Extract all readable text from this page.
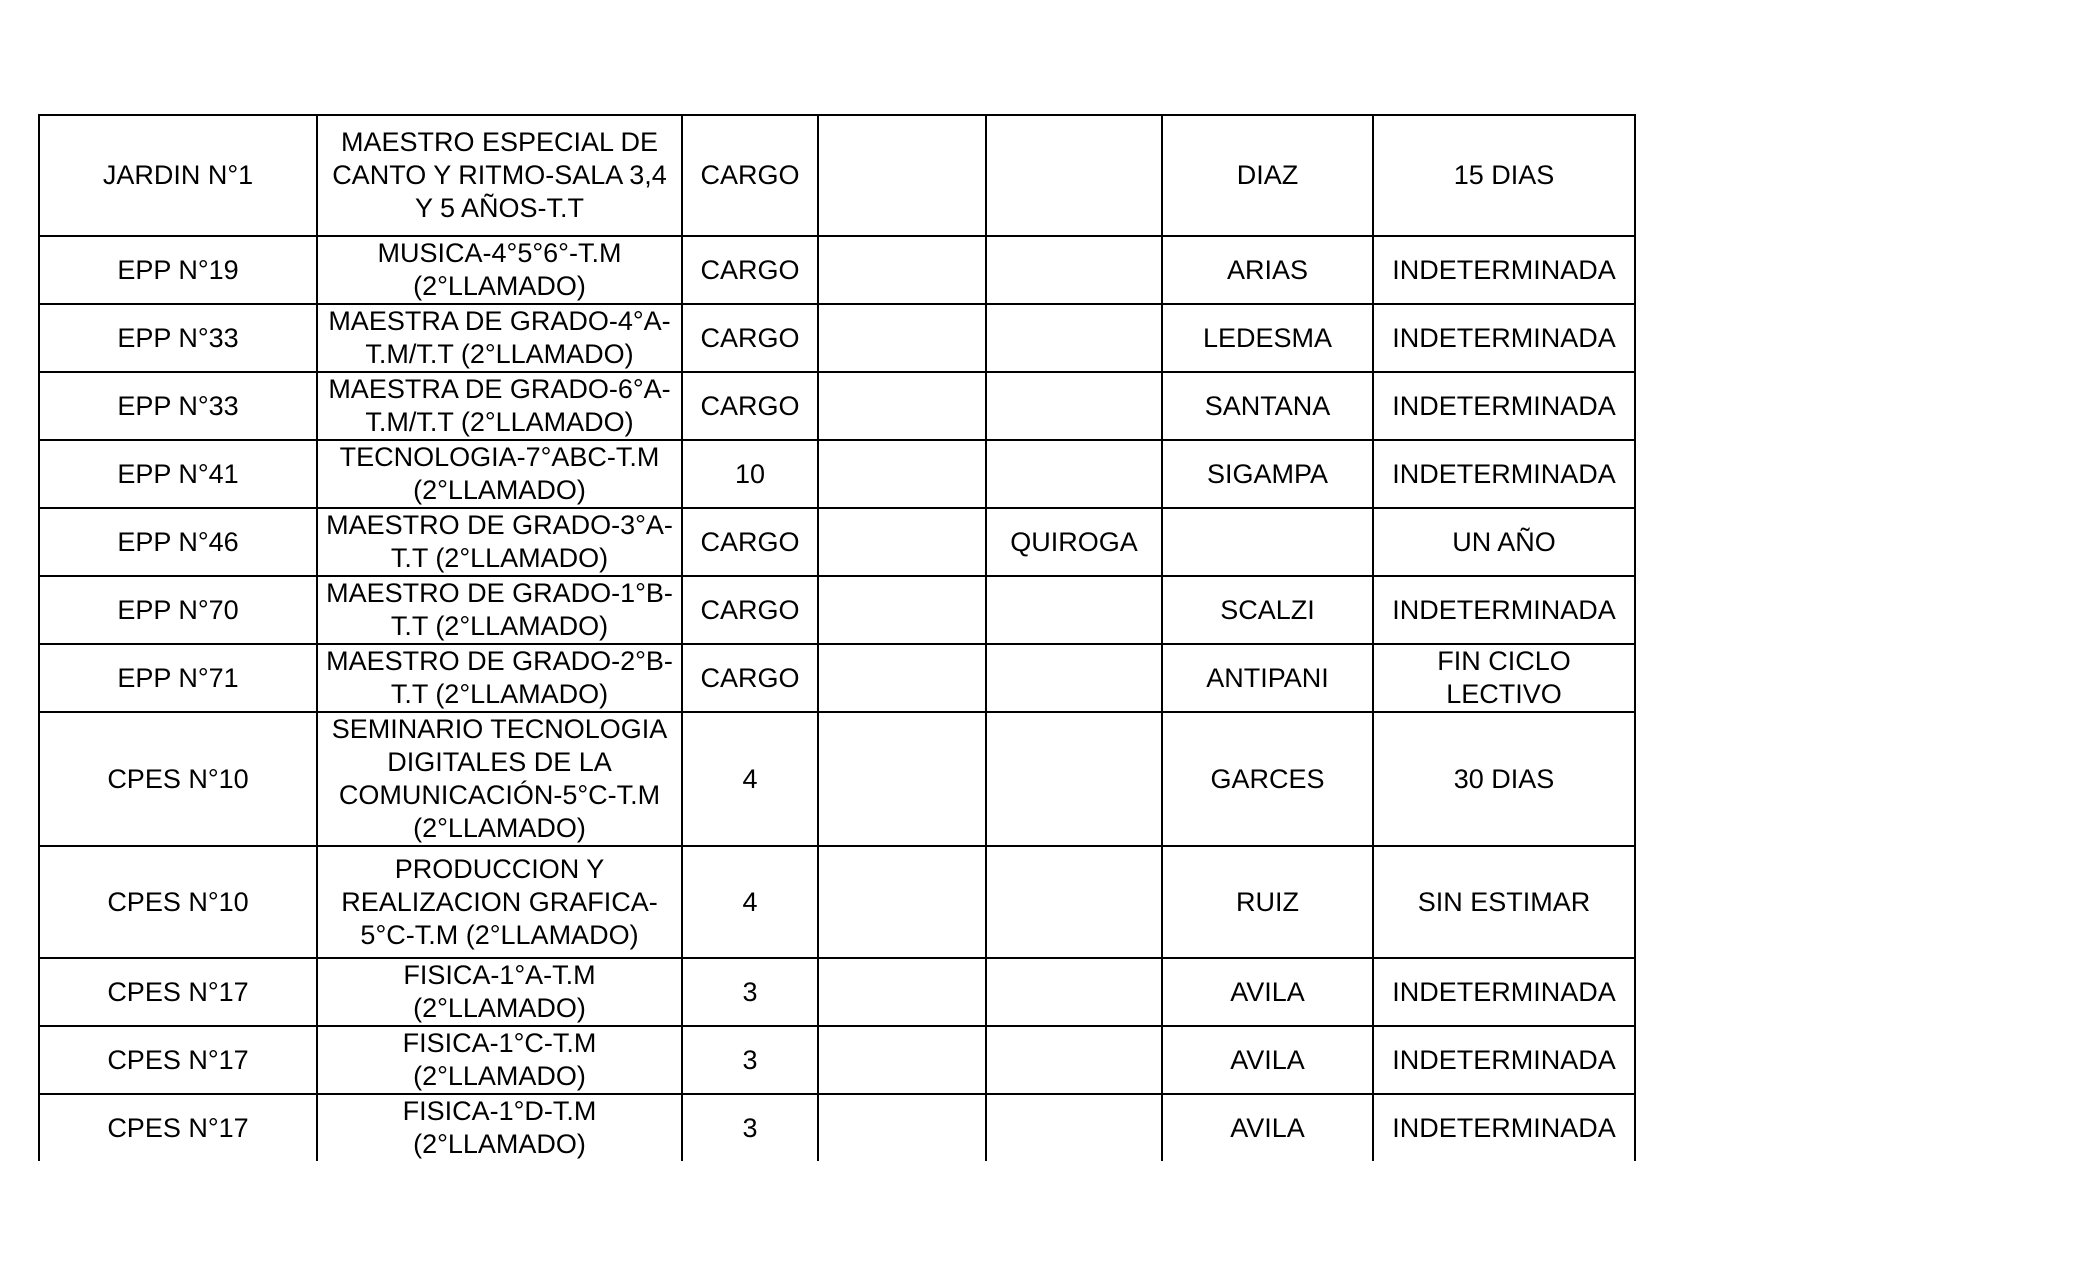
JARDIN N°1	MAESTRO ESPECIAL DE CANTO Y RITMO-SALA 3,4 Y 5 AÑOS-T.T	CARGO			DIAZ	15 DIAS
EPP N°19	MUSICA-4°5°6°-T.M (2°LLAMADO)	CARGO			ARIAS	INDETERMINADA
EPP N°33	MAESTRA DE GRADO-4°A-T.M/T.T (2°LLAMADO)	CARGO			LEDESMA	INDETERMINADA
EPP N°33	MAESTRA DE GRADO-6°A-T.M/T.T (2°LLAMADO)	CARGO			SANTANA	INDETERMINADA
EPP N°41	TECNOLOGIA-7°ABC-T.M (2°LLAMADO)	10			SIGAMPA	INDETERMINADA
EPP N°46	MAESTRO DE GRADO-3°A-T.T (2°LLAMADO)	CARGO		QUIROGA		UN AÑO
EPP N°70	MAESTRO DE GRADO-1°B-T.T (2°LLAMADO)	CARGO			SCALZI	INDETERMINADA
EPP N°71	MAESTRO DE GRADO-2°B-T.T (2°LLAMADO)	CARGO			ANTIPANI	FIN CICLO LECTIVO
CPES N°10	SEMINARIO TECNOLOGIA DIGITALES DE LA COMUNICACIÓN-5°C-T.M (2°LLAMADO)	4			GARCES	30 DIAS
CPES N°10	PRODUCCION Y REALIZACION GRAFICA-5°C-T.M (2°LLAMADO)	4			RUIZ	SIN ESTIMAR
CPES N°17	FISICA-1°A-T.M (2°LLAMADO)	3			AVILA	INDETERMINADA
CPES N°17	FISICA-1°C-T.M (2°LLAMADO)	3			AVILA	INDETERMINADA
CPES N°17	FISICA-1°D-T.M (2°LLAMADO)	3			AVILA	INDETERMINADA
